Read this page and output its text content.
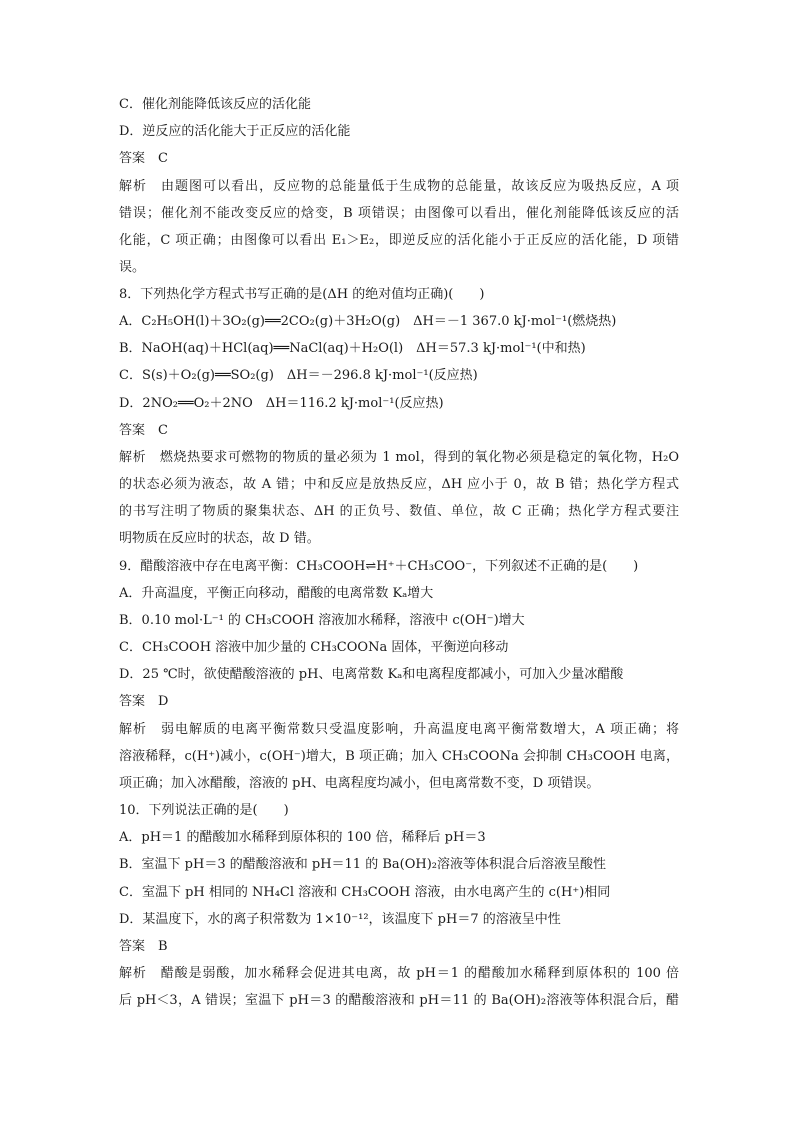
C．催化剂能降低该反应的活化能
D．逆反应的活化能大于正反应的活化能
答案　C
解析　由题图可以看出，反应物的总能量低于生成物的总能量，故该反应为吸热反应，A 项
错误；催化剂不能改变反应的焓变，B 项错误；由图像可以看出，催化剂能降低该反应的活
化能，C 项正确；由图像可以看出 E₁＞E₂，即逆反应的活化能小于正反应的活化能，D 项错
误。
8．下列热化学方程式书写正确的是(ΔH 的绝对值均正确)(　　)
A．C₂H₅OH(l)＋3O₂(g)══2CO₂(g)＋3H₂O(g)　ΔH＝－1 367.0 kJ·mol⁻¹(燃烧热)
B．NaOH(aq)＋HCl(aq)══NaCl(aq)＋H₂O(l)　ΔH＝57.3 kJ·mol⁻¹(中和热)
C．S(s)＋O₂(g)══SO₂(g)　ΔH＝－296.8 kJ·mol⁻¹(反应热)
D．2NO₂══O₂＋2NO　ΔH＝116.2 kJ·mol⁻¹(反应热)
答案　C
解析　燃烧热要求可燃物的物质的量必须为 1 mol，得到的氧化物必须是稳定的氧化物，H₂O
的状态必须为液态，故 A 错；中和反应是放热反应，ΔH 应小于 0，故 B 错；热化学方程式
的书写注明了物质的聚集状态、ΔH 的正负号、数值、单位，故 C 正确；热化学方程式要注
明物质在反应时的状态，故 D 错。
9．醋酸溶液中存在电离平衡：CH₃COOH⇌H⁺＋CH₃COO⁻，下列叙述不正确的是(　　)
A．升高温度，平衡正向移动，醋酸的电离常数 Kₐ增大
B．0.10 mol·L⁻¹ 的 CH₃COOH 溶液加水稀释，溶液中 c(OH⁻)增大
C．CH₃COOH 溶液中加少量的 CH₃COONa 固体，平衡逆向移动
D．25 ℃时，欲使醋酸溶液的 pH、电离常数 Kₐ和电离程度都减小，可加入少量冰醋酸
答案　D
解析　弱电解质的电离平衡常数只受温度影响，升高温度电离平衡常数增大，A 项正确；将
溶液稀释，c(H⁺)减小，c(OH⁻)增大，B 项正确；加入 CH₃COONa 会抑制 CH₃COOH 电离，
项正确；加入冰醋酸，溶液的 pH、电离程度均减小，但电离常数不变，D 项错误。
10．下列说法正确的是(　　)
A．pH＝1 的醋酸加水稀释到原体积的 100 倍，稀释后 pH＝3
B．室温下 pH＝3 的醋酸溶液和 pH＝11 的 Ba(OH)₂溶液等体积混合后溶液呈酸性
C．室温下 pH 相同的 NH₄Cl 溶液和 CH₃COOH 溶液，由水电离产生的 c(H⁺)相同
D．某温度下，水的离子积常数为 1×10⁻¹²，该温度下 pH＝7 的溶液呈中性
答案　B
解析　醋酸是弱酸，加水稀释会促进其电离，故 pH＝1 的醋酸加水稀释到原体积的 100 倍
后 pH＜3，A 错误；室温下 pH＝3 的醋酸溶液和 pH＝11 的 Ba(OH)₂溶液等体积混合后，醋
